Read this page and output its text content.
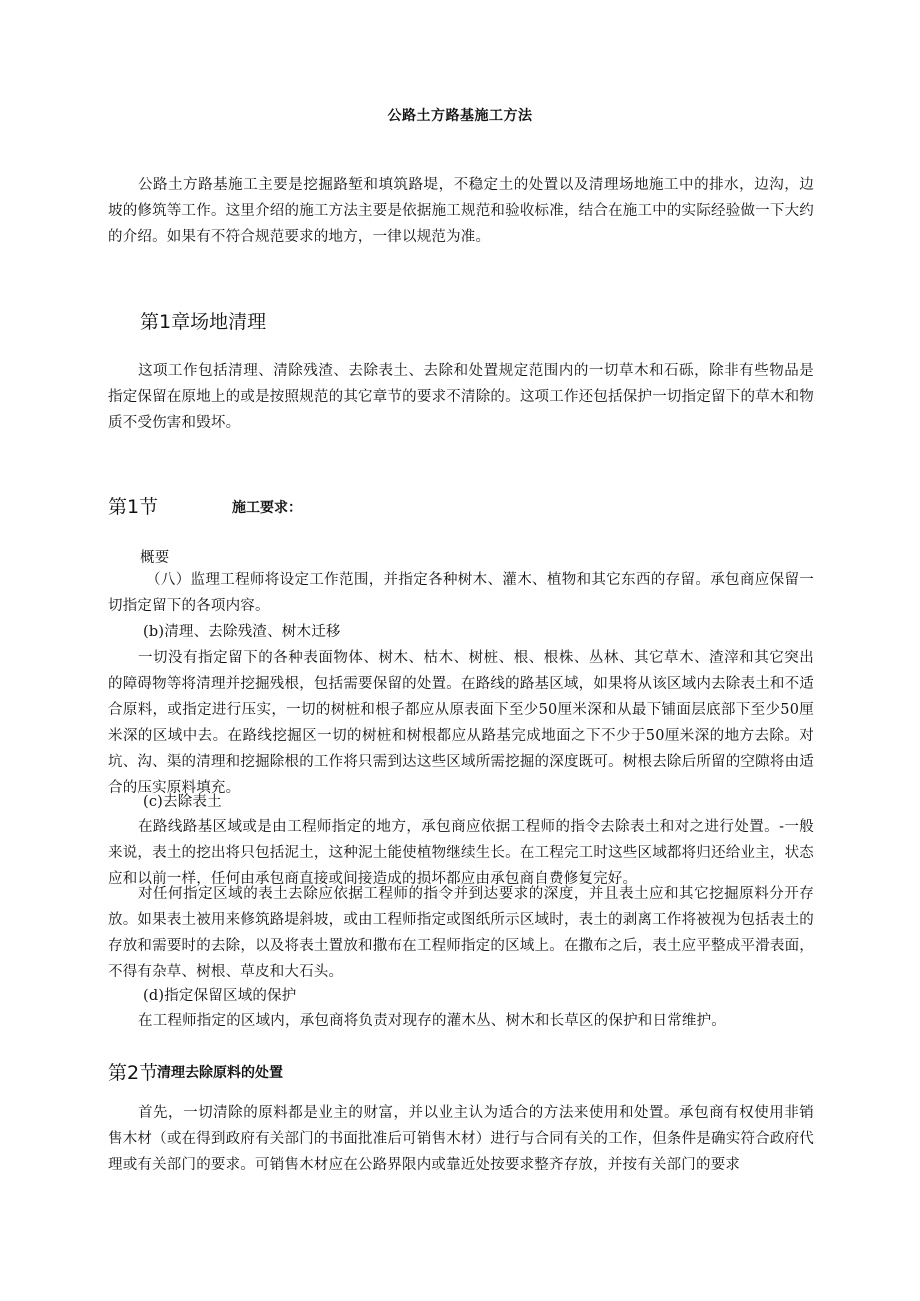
公路土方路基施工方法
公路土方路基施工主要是挖掘路堑和填筑路堤，不稳定土的处置以及清理场地施工中的排水，边沟，边坡的修筑等工作。这里介绍的施工方法主要是依据施工规范和验收标准，结合在施工中的实际经验做一下大约的介绍。如果有不符合规范要求的地方，一律以规范为准。
第1章场地清理
这项工作包括清理、清除残渣、去除表土、去除和处置规定范围内的一切草木和石砾，除非有些物品是指定保留在原地上的或是按照规范的其它章节的要求不清除的。这项工作还包括保护一切指定留下的草木和物质不受伤害和毁坏。
第1节	施工要求：
概要
（八）监理工程师将设定工作范围，并指定各种树木、灌木、植物和其它东西的存留。承包商应保留一切指定留下的各项内容。
(b)清理、去除残渣、树木迁移
一切没有指定留下的各种表面物体、树木、枯木、树桩、根、根株、丛林、其它草木、渣滓和其它突出的障碍物等将清理并挖掘残根，包括需要保留的处置。在路线的路基区域，如果将从该区域内去除表土和不适合原料，或指定进行压实，一切的树桩和根子都应从原表面下至少50厘米深和从最下铺面层底部下至少50厘米深的区域中去。在路线挖掘区一切的树桩和树根都应从路基完成地面之下不少于50厘米深的地方去除。对坑、沟、渠的清理和挖掘除根的工作将只需到达这些区域所需挖掘的深度既可。树根去除后所留的空隙将由适合的压实原料填充。
(c)去除表土
在路线路基区域或是由工程师指定的地方，承包商应依据工程师的指令去除表土和对之进行处置。-一般来说，表土的挖出将只包括泥土，这种泥土能使植物继续生长。在工程完工时这些区域都将归还给业主，状态应和以前一样，任何由承包商直接或间接造成的损坏都应由承包商自费修复完好。
对任何指定区域的表土去除应依据工程师的指令并到达要求的深度，并且表土应和其它挖掘原料分开存放。如果表土被用来修筑路堤斜坡，或由工程师指定或图纸所示区域时，表土的剥离工作将被视为包括表土的存放和需要时的去除，以及将表土置放和撒布在工程师指定的区域上。在撒布之后，表土应平整成平滑表面，不得有杂草、树根、草皮和大石头。
(d)指定保留区域的保护
在工程师指定的区域内，承包商将负责对现存的灌木丛、树木和长草区的保护和日常维护。
第2节
清理去除原料的处置
首先，一切清除的原料都是业主的财富，并以业主认为适合的方法来使用和处置。承包商有权使用非销售木材（或在得到政府有关部门的书面批准后可销售木材）进行与合同有关的工作，但条件是确实符合政府代理或有关部门的要求。可销售木材应在公路界限内或靠近处按要求整齐存放，并按有关部门的要求
